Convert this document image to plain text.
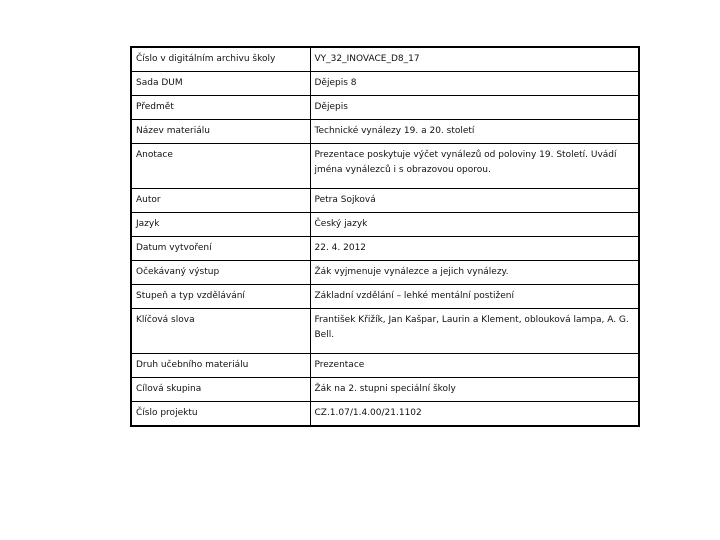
Číslo v digitálním archivu školy	VY_32_INOVACE_D8_17
Sada DUM	Dějepis 8
Předmět	Dějepis
Název materiálu	Technické vynálezy 19. a 20. století
Anotace	Prezentace poskytuje výčet vynálezů od poloviny 19. Století. Uvádí jména vynálezců i s obrazovou oporou.
Autor	Petra Sojková
Jazyk	Český jazyk
Datum vytvoření	22. 4. 2012
Očekávaný výstup	Žák vyjmenuje vynálezce a jejich vynálezy.
Stupeň a typ vzdělávání	Základní vzdělání – lehké mentální postižení
Klíčová slova	František Křižík, Jan Kašpar, Laurin a Klement, oblouková lampa, A. G. Bell.
Druh učebního materiálu	Prezentace
Cílová skupina	Žák na 2. stupni speciální školy
Číslo projektu	CZ.1.07/1.4.00/21.1102
